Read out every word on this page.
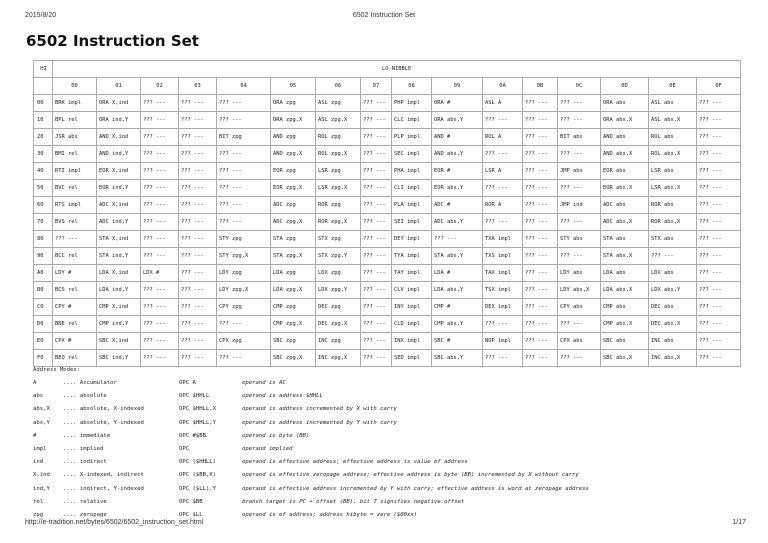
2015/8/20	6502 Instruction Set
6502 Instruction Set
HI	LO-NIBBLE															
	00	01	02	03	04	05	06	07	08	09	0A	0B	0C	0D	0E	0F
00	BRK impl	ORA X,ind	??? ---	??? ---	??? ---	ORA zpg	ASL zpg	??? ---	PHP impl	ORA #	ASL A	??? ---	??? ---	ORA abs	ASL abs	??? ---
10	BPL rel	ORA ind,Y	??? ---	??? ---	??? ---	ORA zpg,X	ASL zpg,X	??? ---	CLC impl	ORA abs,Y	??? ---	??? ---	??? ---	ORA abs,X	ASL abs,X	??? ---
20	JSR abs	AND X,ind	??? ---	??? ---	BIT zpg	AND zpg	ROL zpg	??? ---	PLP impl	AND #	ROL A	??? ---	BIT abs	AND abs	ROL abs	??? ---
30	BMI rel	AND ind,Y	??? ---	??? ---	??? ---	AND zpg,X	ROL zpg,X	??? ---	SEC impl	AND abs,Y	??? ---	??? ---	??? ---	AND abs,X	ROL abs,X	??? ---
40	RTI impl	EOR X,ind	??? ---	??? ---	??? ---	EOR zpg	LSR zpg	??? ---	PHA impl	EOR #	LSR A	??? ---	JMP abs	EOR abs	LSR abs	??? ---
50	BVC rel	EOR ind,Y	??? ---	??? ---	??? ---	EOR zpg,X	LSR zpg,X	??? ---	CLI impl	EOR abs,Y	??? ---	??? ---	??? ---	EOR abs,X	LSR abs,X	??? ---
60	RTS impl	ADC X,ind	??? ---	??? ---	??? ---	ADC zpg	ROR zpg	??? ---	PLA impl	ADC #	ROR A	??? ---	JMP ind	ADC abs	ROR abs	??? ---
70	BVS rel	ADC ind,Y	??? ---	??? ---	??? ---	ADC zpg,X	ROR zpg,X	??? ---	SEI impl	ADC abs,Y	??? ---	??? ---	??? ---	ADC abs,X	ROR abs,X	??? ---
80	??? ---	STA X,ind	??? ---	??? ---	STY zpg	STA zpg	STX zpg	??? ---	DEY impl	??? ---	TXA impl	??? ---	STY abs	STA abs	STX abs	??? ---
90	BCC rel	STA ind,Y	??? ---	??? ---	STY zpg,X	STA zpg,X	STX zpg,Y	??? ---	TYA impl	STA abs,Y	TXS impl	??? ---	??? ---	STA abs,X	??? ---	??? ---
A0	LDY #	LDA X,ind	LDX #	??? ---	LDY zpg	LDA zpg	LDX zpg	??? ---	TAY impl	LDA #	TAX impl	??? ---	LDY abs	LDA abs	LDX abs	??? ---
B0	BCS rel	LDA ind,Y	??? ---	??? ---	LDY zpg,X	LDA zpg,X	LDX zpg,Y	??? ---	CLV impl	LDA abs,Y	TSX impl	??? ---	LDY abs,X	LDA abs,X	LDX abs,Y	??? ---
C0	CPY #	CMP X,ind	??? ---	??? ---	CPY zpg	CMP zpg	DEC zpg	??? ---	INY impl	CMP #	DEX impl	??? ---	CPY abs	CMP abs	DEC abs	??? ---
D0	BNE rel	CMP ind,Y	??? ---	??? ---	??? ---	CMP zpg,X	DEC zpg,X	??? ---	CLD impl	CMP abs,Y	??? ---	??? ---	??? ---	CMP abs,X	DEC abs,X	??? ---
E0	CPX #	SBC X,ind	??? ---	??? ---	CPX zpg	SBC zpg	INC zpg	??? ---	INX impl	SBC #	NOP impl	??? ---	CPX abs	SBC abs	INC abs	??? ---
F0	BEQ rel	SBC ind,Y	??? ---	??? ---	??? ---	SBC zpg,X	INC zpg,X	??? ---	SED impl	SBC abs,Y	??? ---	??? ---	??? ---	SBC abs,X	INC abs,X	??? ---
Address Modes:
A	.... Accumulator	OPC A	operand is AC
abs	.... absolute	OPC $HHLL	operand is address $HHLL
abs,X .... absolute, X-indexed	OPC $HHLL,X	operand is address incremented by X with carry
abs,Y .... absolute, Y-indexed	OPC $HHLL,Y	operand is address incremented by Y with carry
#	.... immediate	OPC #$BB	operand is byte (BB)
impl	.... implied	OPC	operand implied
ind	.... indirect	OPC ($HHLL)	operand is effective address; effective address is value of address
X,ind .... X-indexed, indirect	OPC ($BB,X)	operand is effective zeropage address; effective address is byte (BB) incremented by X without carry
ind,Y .... indirect, Y-indexed	OPC ($LL),Y	operand is effective address incremented by Y with carry; effective address is word at zeropage address
rel	.... relative	OPC $BB	branch target is PC + offset (BB), bit 7 signifies negative offset
zpg	.... zeropage	OPC $LL	operand is of address; address hibyte = zero ($00xx)
http://e-tradition.net/bytes/6502/6502_instruction_set.html	1/17
